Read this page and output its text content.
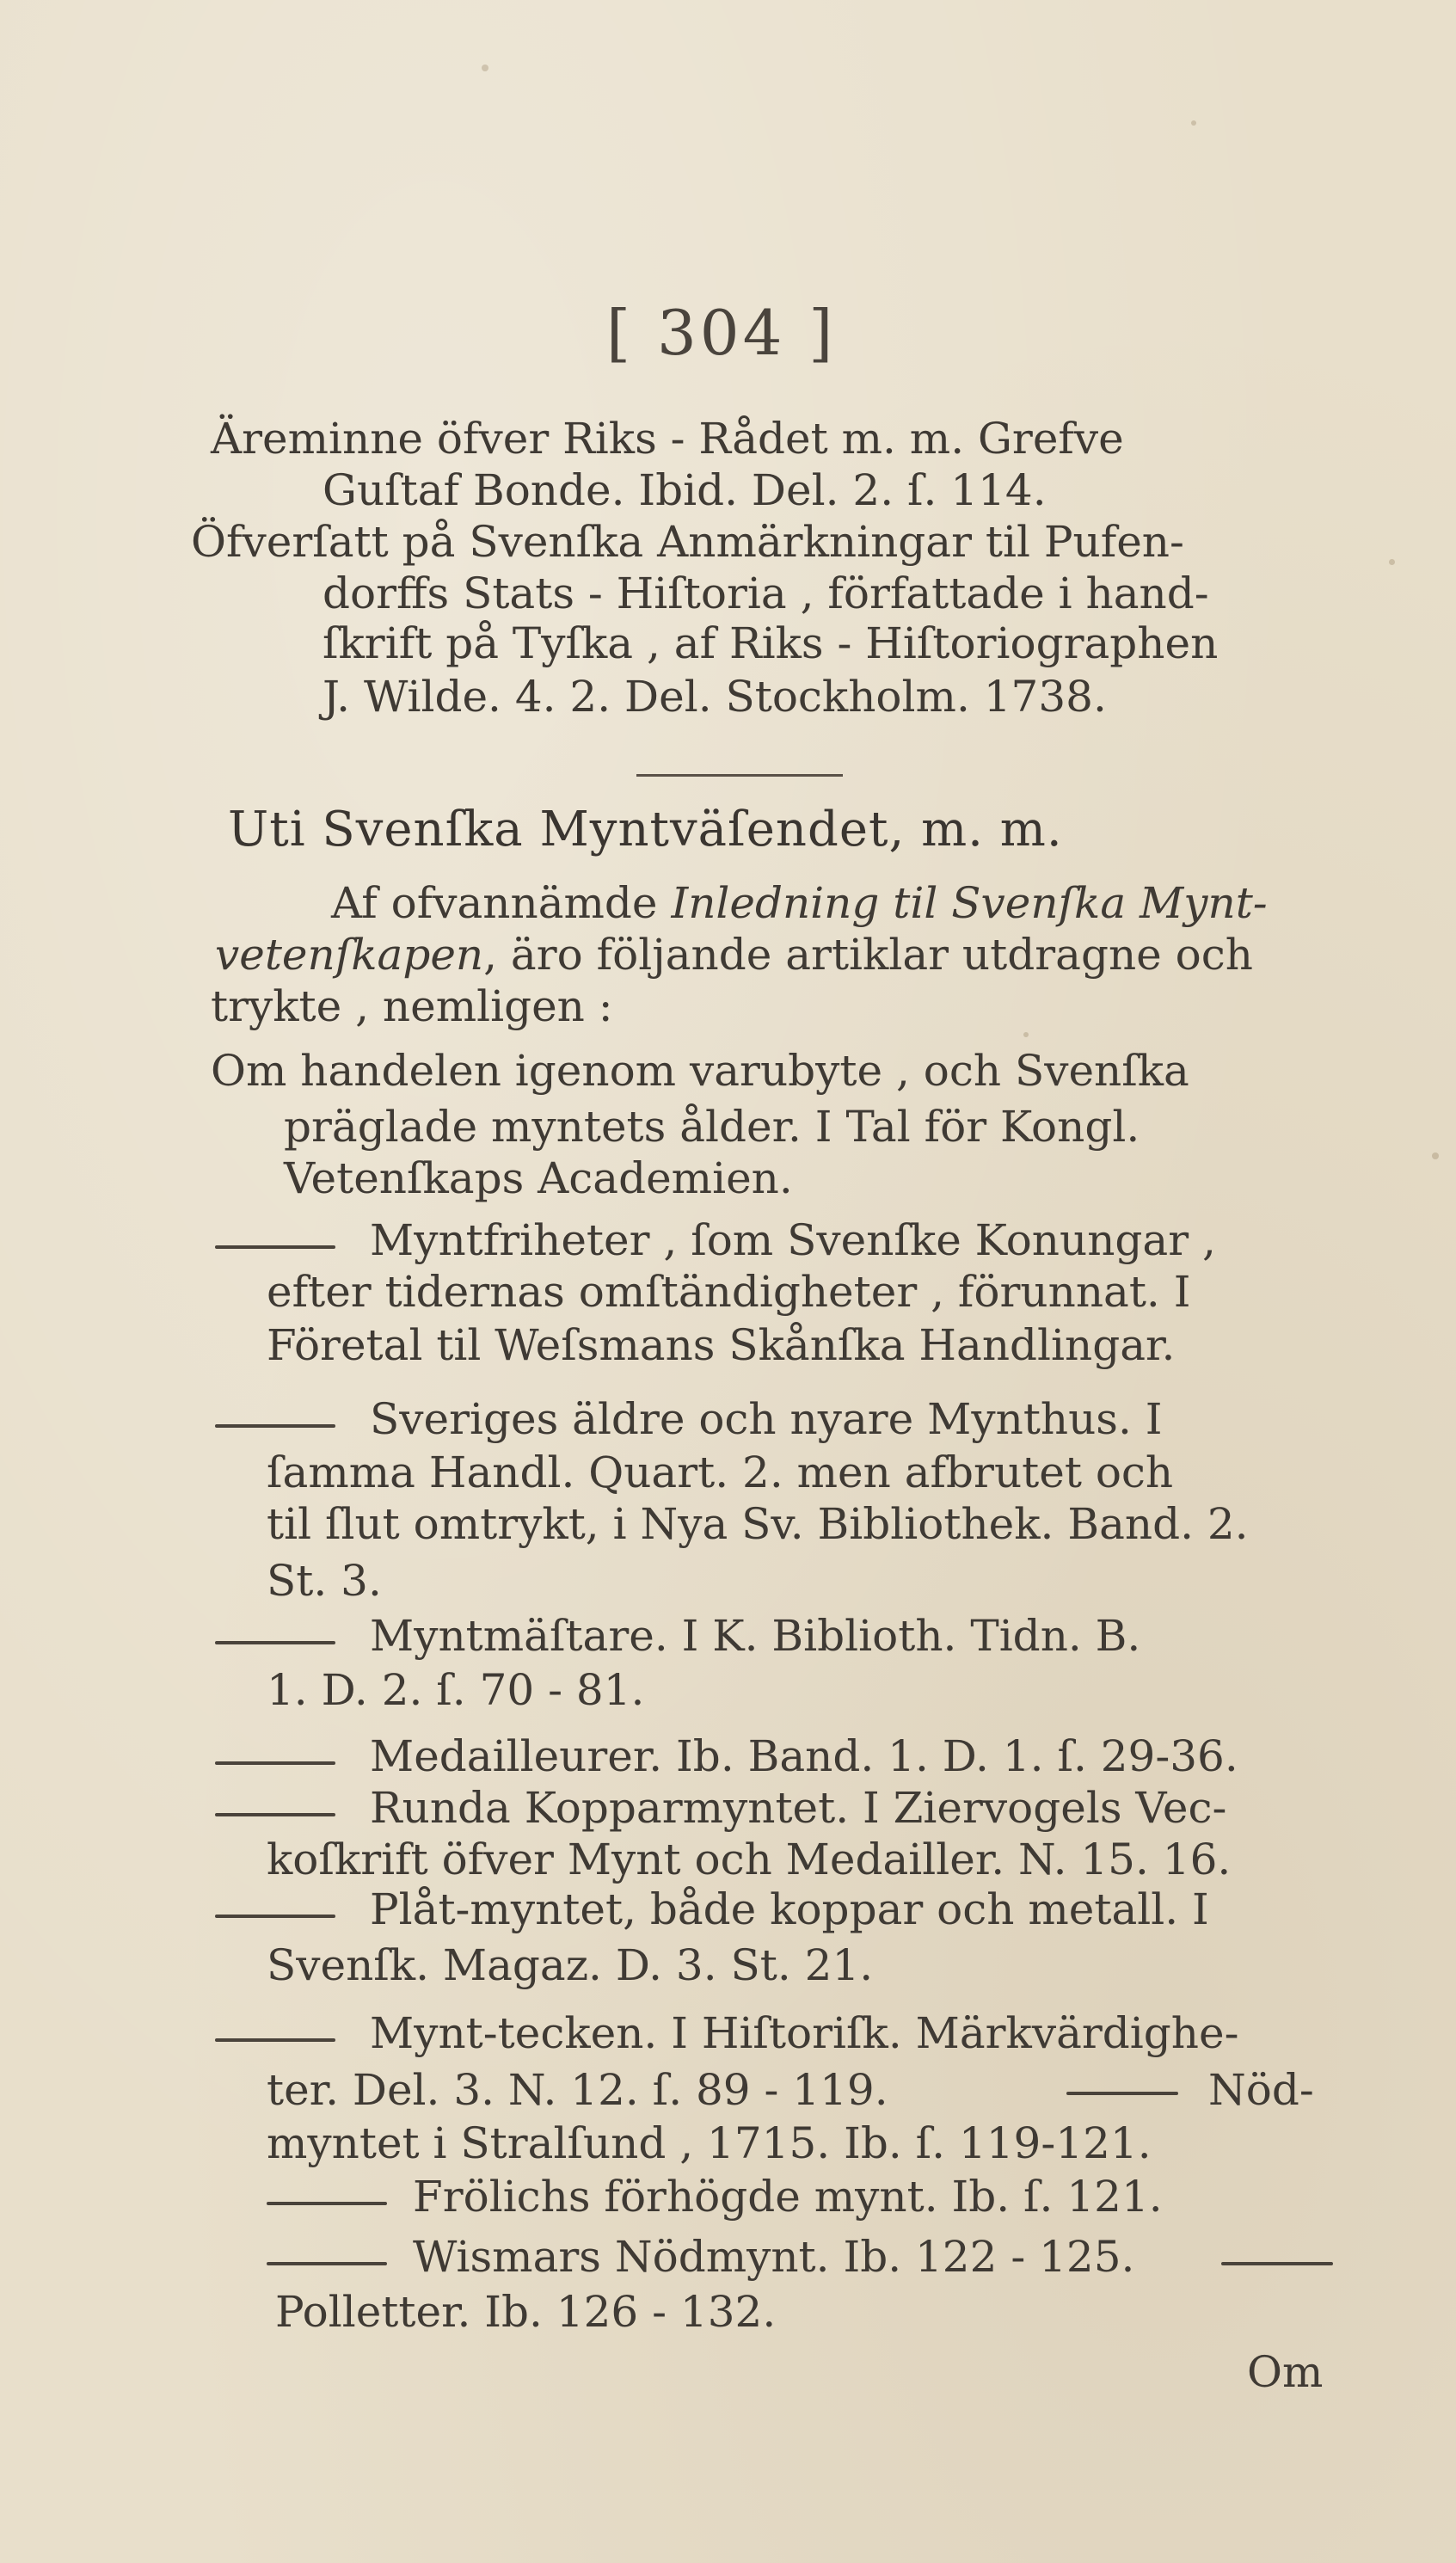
[ 304 ]
Äreminne öfver Riks - Rådet m. m. Grefve
Guſtaf Bonde. Ibid. Del. 2. ſ. 114.
Öfverſatt på Svenſka Anmärkningar til Pufen-
dorffs Stats - Hiſtoria , författade i hand-
ſkrift på Tyſka , af Riks - Hiſtoriographen
J. Wilde. 4. 2. Del. Stockholm. 1738.
Uti Svenſka Myntväſendet, m. m.
Af ofvannämde Inledning til Svenſka Mynt-
vetenſkapen, äro följande artiklar utdragne och
trykte , nemligen :
Om handelen igenom varubyte , och Svenſka
präglade myntets ålder. I Tal för Kongl.
Vetenſkaps Academien.
Myntfriheter , ſom Svenſke Konungar ,
efter tidernas omſtändigheter , förunnat. I
Företal til Weſsmans Skånſka Handlingar.
Sveriges äldre och nyare Mynthus. I
ſamma Handl. Quart. 2. men afbrutet och
til ſlut omtrykt, i Nya Sv. Bibliothek. Band. 2.
St. 3.
Myntmäſtare. I K. Biblioth. Tidn. B.
1. D. 2. ſ. 70 - 81.
Medailleurer. Ib. Band. 1. D. 1. ſ. 29-36.
Runda Kopparmyntet. I Ziervogels Vec-
koſkrift öfver Mynt och Medailler. N. 15. 16.
Plåt-myntet, både koppar och metall. I
Svenſk. Magaz. D. 3. St. 21.
Mynt-tecken. I Hiſtoriſk. Märkvärdighe-
ter. Del. 3. N. 12. ſ. 89 - 119.	Nöd-
myntet i Stralſund , 1715. Ib. ſ. 119-121.
Frölichs förhögde mynt. Ib. ſ. 121.
Wismars Nödmynt. Ib. 122 - 125.
Polletter. Ib. 126 - 132.
Om
